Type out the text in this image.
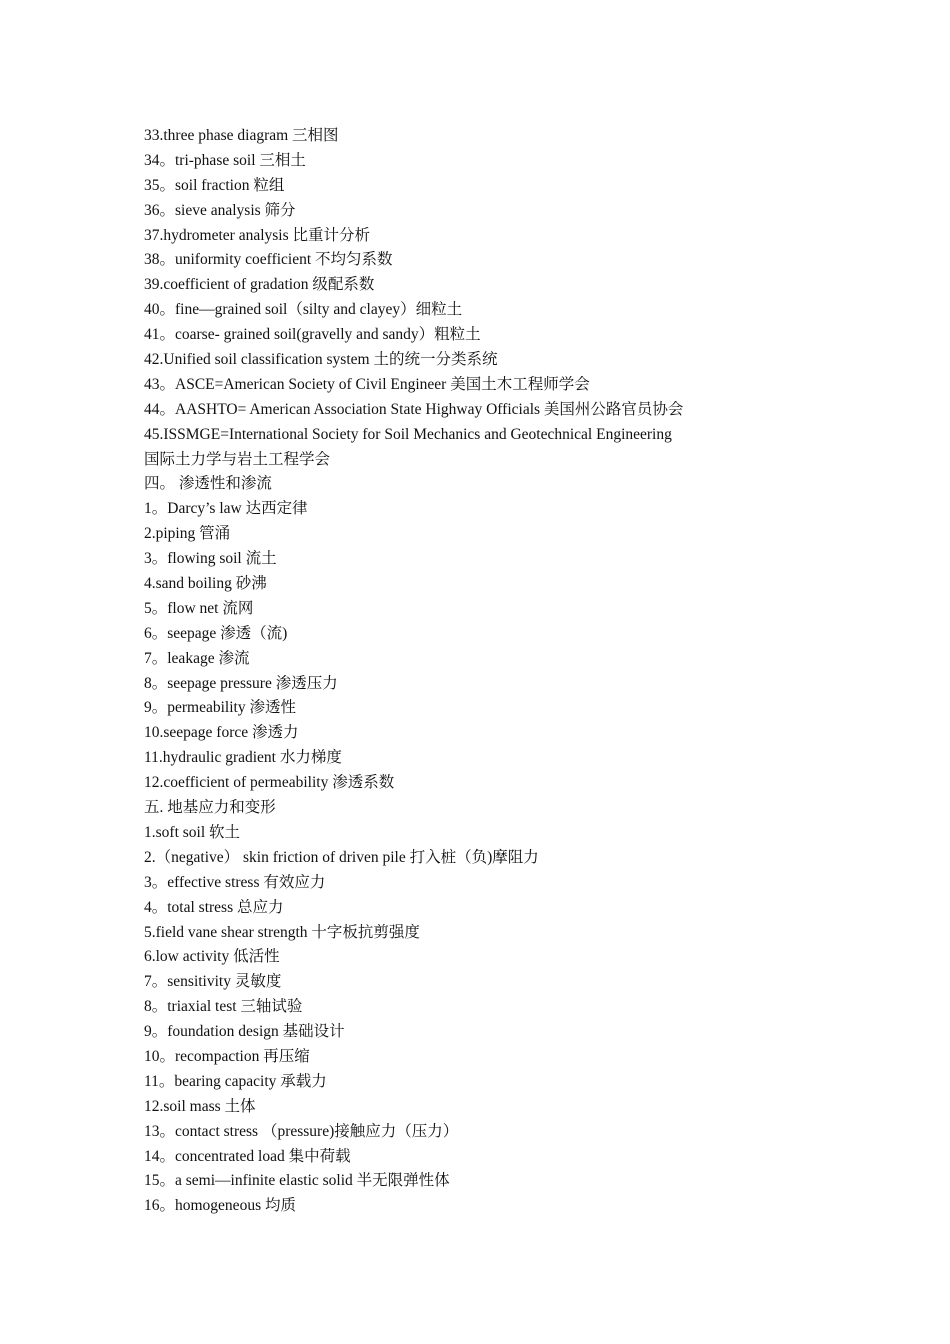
33.three phase diagram 三相图
34。tri-phase soil 三相土
35。soil fraction 粒组
36。sieve analysis 筛分
37.hydrometer analysis 比重计分析
38。uniformity coefficient 不均匀系数
39.coefficient of gradation 级配系数
40。fine—grained soil（silty and clayey）细粒土
41。coarse- grained soil(gravelly and sandy）粗粒土
42.Unified soil classification system 土的统一分类系统
43。ASCE=American Society of Civil Engineer 美国土木工程师学会
44。AASHTO= American Association State Highway Officials 美国州公路官员协会
45.ISSMGE=International Society for Soil Mechanics and Geotechnical Engineering
国际土力学与岩土工程学会
四。 渗透性和渗流
1。Darcy’s law 达西定律
2.piping 管涌
3。flowing soil 流土
4.sand boiling 砂沸
5。flow net 流网
6。seepage 渗透（流)
7。leakage 渗流
8。seepage pressure 渗透压力
9。permeability 渗透性
10.seepage force 渗透力
11.hydraulic gradient 水力梯度
12.coefficient of permeability 渗透系数
五. 地基应力和变形
1.soft soil 软土
2.（negative） skin friction of driven pile 打入桩（负)摩阻力
3。effective stress 有效应力
4。total stress 总应力
5.field vane shear strength 十字板抗剪强度
6.low activity 低活性
7。sensitivity 灵敏度
8。triaxial test 三轴试验
9。foundation design 基础设计
10。recompaction 再压缩
11。bearing capacity 承载力
12.soil mass 土体
13。contact stress （pressure)接触应力（压力）
14。concentrated load 集中荷载
15。a semi—infinite elastic solid 半无限弹性体
16。homogeneous 均质
